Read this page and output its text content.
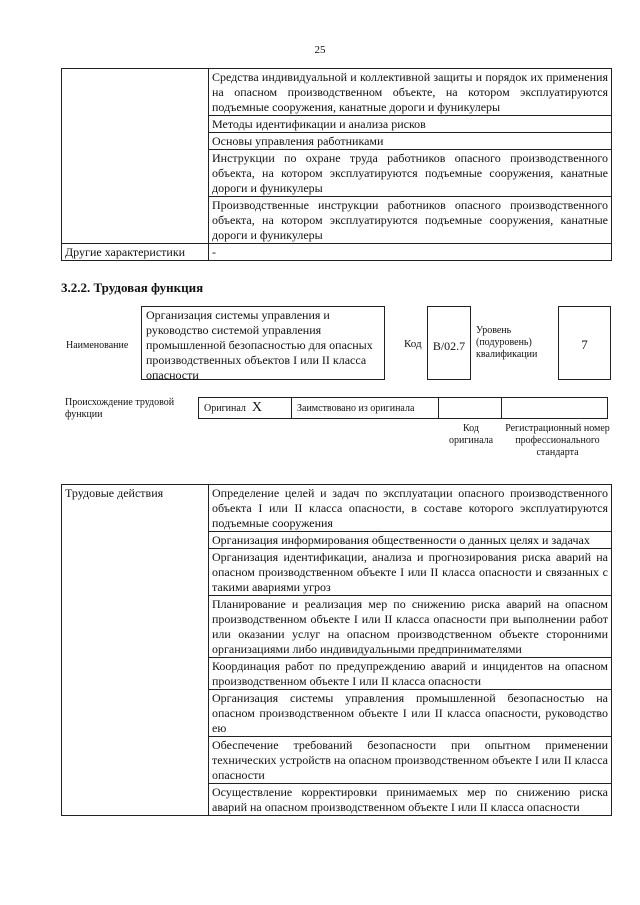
25
	Средства индивидуальной и коллективной защиты и порядок их применения на опасном производственном объекте, на котором эксплуатируются подъемные сооружения, канатные дороги и фуникулеры
	Методы идентификации и анализа рисков
	Основы управления работниками
	Инструкции по охране труда работников опасного производственного объекта, на котором эксплуатируются подъемные сооружения, канатные дороги и фуникулеры
	Производственные инструкции работников опасного производственного объекта, на котором эксплуатируются подъемные сооружения, канатные дороги и фуникулеры
Другие характеристики	-
3.2.2. Трудовая функция
Наименование
Организация системы управления и руководство системой управления промышленной безопасностью для опасных производственных объектов I или II класса опасности
Код B/02.7
Уровень (подуровень) квалификации
7
Происхождение трудовой функции
Оригинал X	Заимствовано из оригинала		
Код оригинала
Регистрационный номер профессионального стандарта
Трудовые действия	Определение целей и задач по эксплуатации опасного производственного объекта I или II класса опасности, в составе которого эксплуатируются подъемные сооружения
Организация информирования общественности о данных целях и задачах
Организация идентификации, анализа и прогнозирования риска аварий на опасном производственном объекте I или II класса опасности и связанных с такими авариями угроз
Планирование и реализация мер по снижению риска аварий на опасном производственном объекте I или II класса опасности при выполнении работ или оказании услуг на опасном производственном объекте сторонними организациями либо индивидуальными предпринимателями
Координация работ по предупреждению аварий и инцидентов на опасном производственном объекте I или II класса опасности
Организация системы управления промышленной безопасностью на опасном производственном объекте I или II класса опасности, руководство ею
Обеспечение требований безопасности при опытном применении технических устройств на опасном производственном объекте I или II класса опасности
Осуществление корректировки принимаемых мер по снижению риска аварий на опасном производственном объекте I или II класса опасности
